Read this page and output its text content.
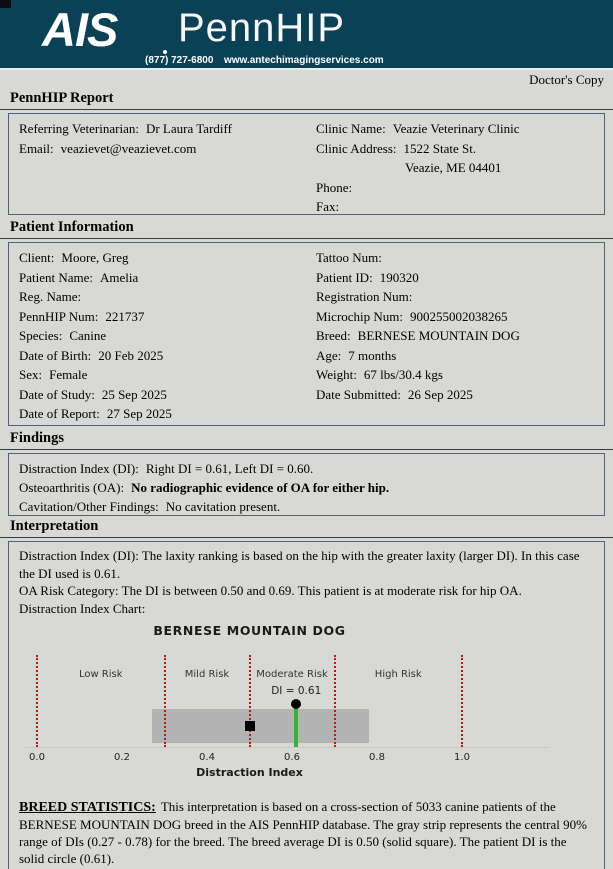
AIS PennHIP
(877) 727-6800 www.antechimagingservices.com
Doctor's Copy
PennHIP Report
Referring Veterinarian: Dr Laura Tardiff
Email: veazievet@veazievet.com
Clinic Name: Veazie Veterinary Clinic
Clinic Address: 1522 State St.
Veazie, ME 04401
Phone:
Fax:
Patient Information
Client: Moore, Greg
Patient Name: Amelia
Reg. Name:
PennHIP Num: 221737
Species: Canine
Date of Birth: 20 Feb 2025
Sex: Female
Date of Study: 25 Sep 2025
Date of Report: 27 Sep 2025
Tattoo Num:
Patient ID: 190320
Registration Num:
Microchip Num: 900255002038265
Breed: BERNESE MOUNTAIN DOG
Age: 7 months
Weight: 67 lbs/30.4 kgs
Date Submitted: 26 Sep 2025
Findings
Distraction Index (DI): Right DI = 0.61, Left DI = 0.60.
Osteoarthritis (OA): No radiographic evidence of OA for either hip.
Cavitation/Other Findings: No cavitation present.
Interpretation

Distraction Index (DI): The laxity ranking is based on the hip with the greater laxity (larger DI). In this case the DI used is 0.61.

OA Risk Category: The DI is between 0.50 and 0.69. This patient is at moderate risk for hip OA.

Distraction Index Chart:

Low Risk	Mild Risk	Moderate Risk	High Risk
BERNESE MOUNTAIN DOG
0.0	0.2	0.4	0.6	0.8	1.0
Distraction Index
DI = 0.61

BREED STATISTICS: This interpretation is based on a cross-section of 5033 canine patients of the BERNESE MOUNTAIN DOG breed in the AIS PennHIP database. The gray strip represents the central 90% range of DIs (0.27 - 0.78) for the breed. The breed average DI is 0.50 (solid square). The patient DI is the solid circle (0.61).
